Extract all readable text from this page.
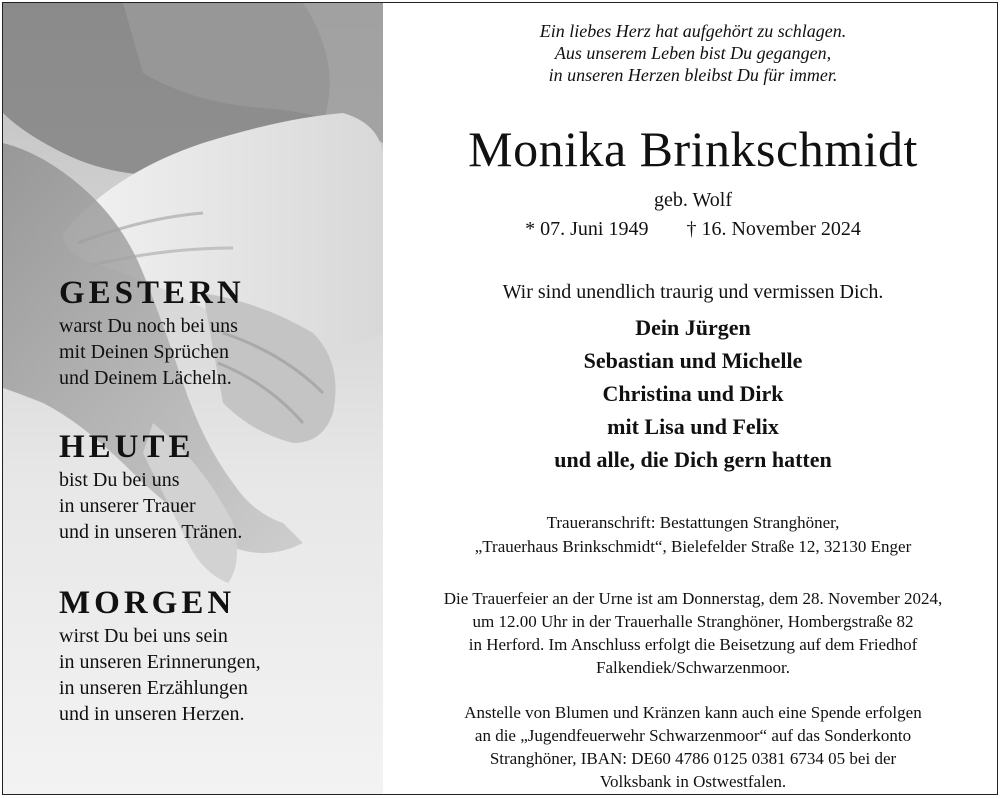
GESTERN
warst Du noch bei uns
mit Deinen Sprüchen
und Deinem Lächeln.
HEUTE
bist Du bei uns
in unserer Trauer
und in unseren Tränen.
MORGEN
wirst Du bei uns sein
in unseren Erinnerungen,
in unseren Erzählungen
und in unseren Herzen.
Ein liebes Herz hat aufgehört zu schlagen.
Aus unserem Leben bist Du gegangen,
in unseren Herzen bleibst Du für immer.
Monika Brinkschmidt
geb. Wolf
* 07. Juni 1949 † 16. November 2024
Wir sind unendlich traurig und vermissen Dich.
Dein Jürgen
Sebastian und Michelle
Christina und Dirk
mit Lisa und Felix
und alle, die Dich gern hatten
Traueranschrift: Bestattungen Stranghöner,
„Trauerhaus Brinkschmidt“, Bielefelder Straße 12, 32130 Enger
Die Trauerfeier an der Urne ist am Donnerstag, dem 28. November 2024,
um 12.00 Uhr in der Trauerhalle Stranghöner, Hombergstraße 82
in Herford. Im Anschluss erfolgt die Beisetzung auf dem Friedhof
Falkendiek/Schwarzenmoor.
Anstelle von Blumen und Kränzen kann auch eine Spende erfolgen
an die „Jugendfeuerwehr Schwarzenmoor“ auf das Sonderkonto
Stranghöner, IBAN: DE60 4786 0125 0381 6734 05 bei der
Volksbank in Ostwestfalen.
